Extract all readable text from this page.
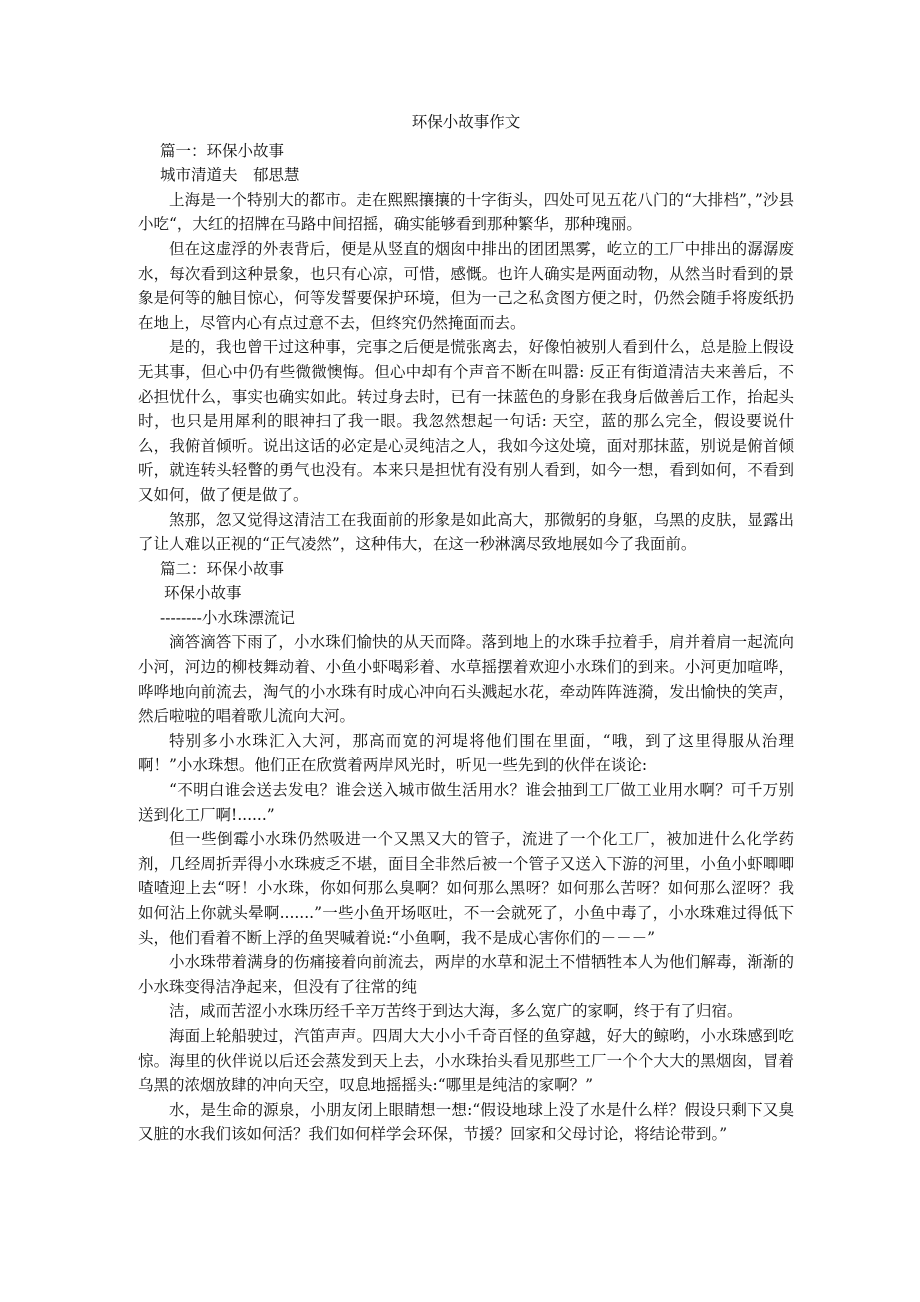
环保小故事作文
篇一：环保小故事
城市清道夫　郁思慧

上海是一个特别大的都市。走在熙熙攘攘的十字街头，四处可见五花八门的“大排档”，”沙县小吃“，大红的招牌在马路中间招摇，确实能够看到那种繁华，那种瑰丽。

但在这虚浮的外表背后，便是从竖直的烟囱中排出的团团黑雾，屹立的工厂中排出的潺潺废水，每次看到这种景象，也只有心凉，可惜，感慨。也许人确实是两面动物，从然当时看到的景象是何等的触目惊心，何等发誓要保护环境，但为一己之私贪图方便之时，仍然会随手将废纸扔在地上，尽管内心有点过意不去，但终究仍然掩面而去。

是的，我也曾干过这种事，完事之后便是慌张离去，好像怕被别人看到什么，总是脸上假设无其事，但心中仍有些微微懊悔。但心中却有个声音不断在叫嚣: 反正有街道清洁夫来善后，不必担忧什么，事实也确实如此。转过身去时，已有一抹蓝色的身影在我身后做善后工作，抬起头时，也只是用犀利的眼神扫了我一眼。我忽然想起一句话: 天空，蓝的那么完全，假设要说什么，我俯首倾听。说出这话的必定是心灵纯洁之人，我如今这处境，面对那抹蓝，别说是俯首倾听，就连转头轻瞥的勇气也没有。本来只是担忧有没有别人看到，如今一想，看到如何，不看到又如何，做了便是做了。

煞那，忽又觉得这清洁工在我面前的形象是如此高大，那微躬的身躯，乌黑的皮肤，显露出了让人难以正视的“正气凌然”，这种伟大，在这一秒淋漓尽致地展如今了我面前。

篇二：环保小故事
环保小故事
--------小水珠漂流记

滴答滴答下雨了，小水珠们愉快的从天而降。落到地上的水珠手拉着手，肩并着肩一起流向小河，河边的柳枝舞动着、小鱼小虾喝彩着、水草摇摆着欢迎小水珠们的到来。小河更加喧哗，哗哗地向前流去，淘气的小水珠有时成心冲向石头溅起水花，牵动阵阵涟漪，发出愉快的笑声，然后啦啦的唱着歌儿流向大河。

特别多小水珠汇入大河，那高而宽的河堤将他们围在里面，“哦，到了这里得服从治理啊！”小水珠想。他们正在欣赏着两岸风光时，听见一些先到的伙伴在谈论:

“不明白谁会送去发电？谁会送入城市做生活用水？谁会抽到工厂做工业用水啊？可千万别送到化工厂啊!......”

但一些倒霉小水珠仍然吸进一个又黑又大的管子，流进了一个化工厂，被加进什么化学药剂，几经周折弄得小水珠疲乏不堪，面目全非然后被一个管子又送入下游的河里，小鱼小虾唧唧喳喳迎上去“呀！小水珠，你如何那么臭啊？如何那么黑呀？如何那么苦呀？如何那么涩呀？我如何沾上你就头晕啊.......”一些小鱼开场呕吐，不一会就死了，小鱼中毒了，小水珠难过得低下头，他们看着不断上浮的鱼哭喊着说:“小鱼啊，我不是成心害你们的－－－”

小水珠带着满身的伤痛接着向前流去，两岸的水草和泥土不惜牺牲本人为他们解毒，渐渐的小水珠变得洁净起来，但没有了往常的纯

洁，咸而苦涩小水珠历经千辛万苦终于到达大海，多么宽广的家啊，终于有了归宿。

海面上轮船驶过，汽笛声声。四周大大小小千奇百怪的鱼穿越，好大的鲸哟，小水珠感到吃惊。海里的伙伴说以后还会蒸发到天上去，小水珠抬头看见那些工厂一个个大大的黑烟囱，冒着乌黑的浓烟放肆的冲向天空，叹息地摇摇头:“哪里是纯洁的家啊？”

水，是生命的源泉，小朋友闭上眼睛想一想:“假设地球上没了水是什么样？假设只剩下又臭又脏的水我们该如何活？我们如何样学会环保，节援？回家和父母讨论，将结论带到。”
